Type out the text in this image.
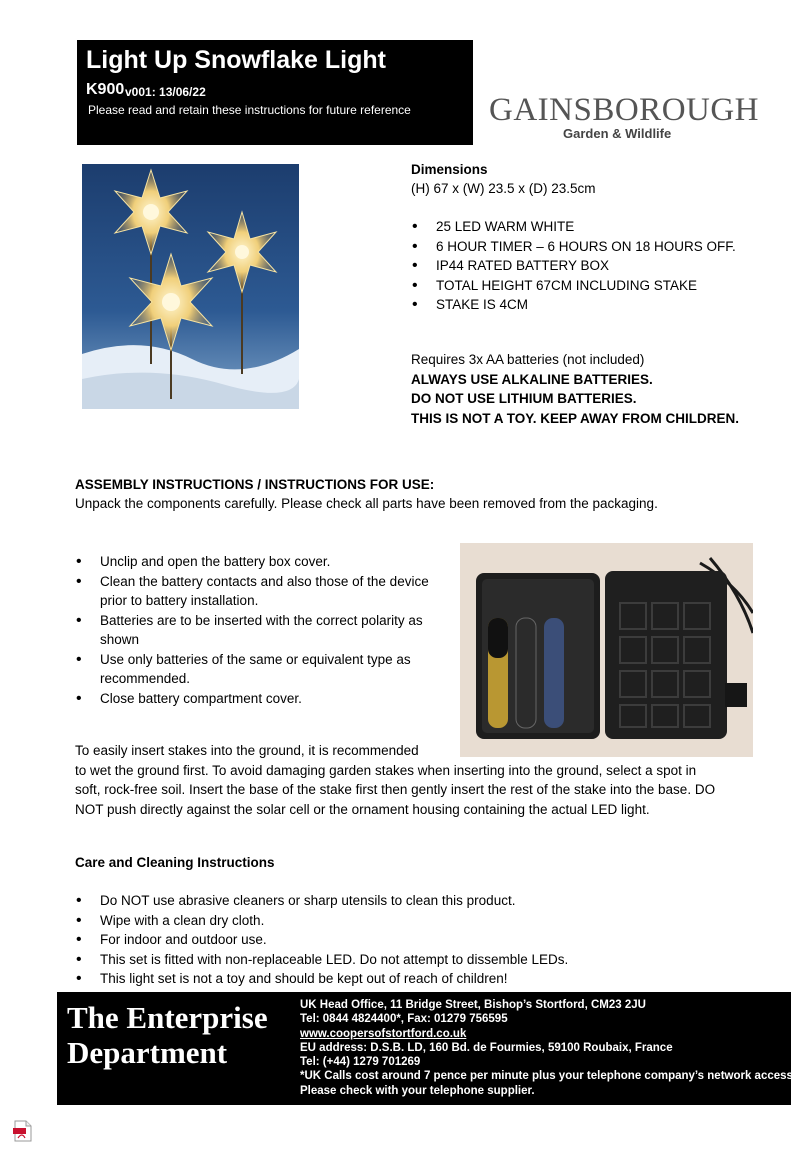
Light Up Snowflake Light
K900 v001: 13/06/22
Please read and retain these instructions for future reference GAINSBOROUGH
Garden & Wildlife
Dimensions
(H) 67 x (W) 23.5 x (D) 23.5cm
• 25 LED WARM WHITE
• 6 HOUR TIMER – 6 HOURS ON 18 HOURS OFF.
• IP44 RATED BATTERY BOX
• TOTAL HEIGHT 67CM INCLUDING STAKE
• STAKE IS 4CM
Requires 3x AA batteries (not included)
ALWAYS USE ALKALINE BATTERIES.
DO NOT USE LITHIUM BATTERIES.
THIS IS NOT A TOY. KEEP AWAY FROM CHILDREN.
ASSEMBLY INSTRUCTIONS / INSTRUCTIONS FOR USE:
Unpack the components carefully. Please check all parts have been removed from the packaging.
• Unclip and open the battery box cover.
• Clean the battery contacts and also those of the device prior to battery installation.
• Batteries are to be inserted with the correct polarity as shown
• Use only batteries of the same or equivalent type as recommended.
• Close battery compartment cover.
To easily insert stakes into the ground, it is recommended
to wet the ground first. To avoid damaging garden stakes when inserting into the ground, select a spot in
soft, rock-free soil. Insert the base of the stake first then gently insert the rest of the stake into the base. DO
NOT push directly against the solar cell or the ornament housing containing the actual LED light.
Care and Cleaning Instructions
• Do NOT use abrasive cleaners or sharp utensils to clean this product.
• Wipe with a clean dry cloth.
• For indoor and outdoor use.
• This set is fitted with non-replaceable LED. Do not attempt to dissemble LEDs.
• This light set is not a toy and should be kept out of reach of children!
The Enterprise
Department
UK Head Office, 11 Bridge Street, Bishop’s Stortford, CM23 2JU
Tel: 0844 4824400*, Fax: 01279 756595
www.coopersofstortford.co.uk
EU address: D.S.B. LD, 160 Bd. de Fourmies, 59100 Roubaix, France
Tel: (+44) 1279 701269
*UK Calls cost around 7 pence per minute plus your telephone company’s network access.
Please check with your telephone supplier.
